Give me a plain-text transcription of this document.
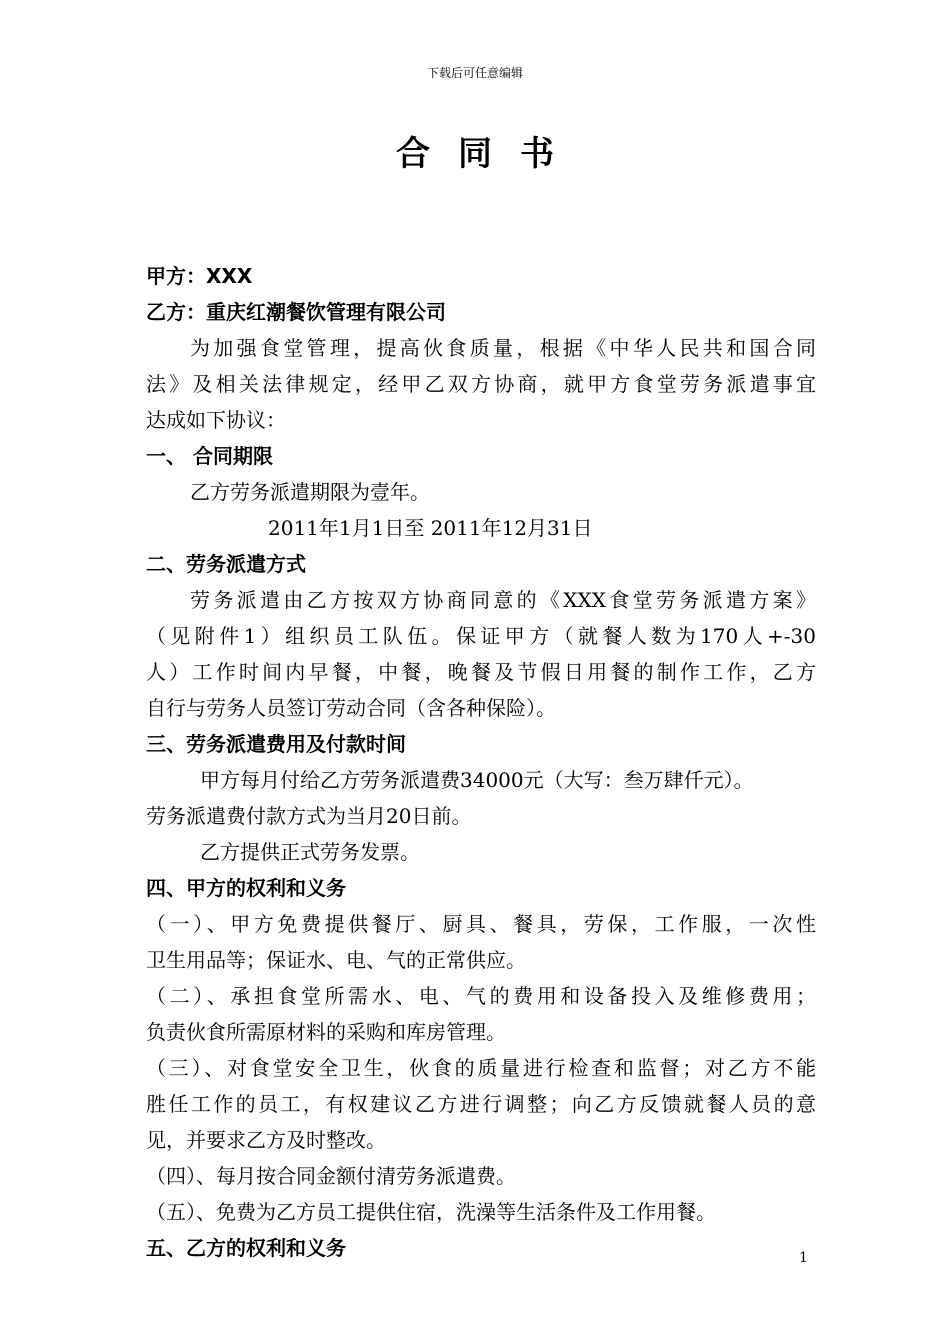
下载后可任意编辑
合同书
甲方：XXX
乙方：重庆红潮餐饮管理有限公司
为加强食堂管理，提高伙食质量，根据《中华人民共和国合同
法》及相关法律规定，经甲乙双方协商，就甲方食堂劳务派遣事宜
达成如下协议：
一、 合同期限
乙方劳务派遣期限为壹年。
2011年1月1日至 2011年12月31日
二、劳务派遣方式
劳务派遣由乙方按双方协商同意的《XXX食堂劳务派遣方案》
（见附件1）组织员工队伍。保证甲方（就餐人数为170人+-30
人）工作时间内早餐，中餐，晚餐及节假日用餐的制作工作，乙方
自行与劳务人员签订劳动合同（含各种保险）。
三、劳务派遣费用及付款时间
甲方每月付给乙方劳务派遣费34000元（大写：叁万肆仟元）。
劳务派遣费付款方式为当月20日前。
乙方提供正式劳务发票。
四、甲方的权利和义务
（一）、甲方免费提供餐厅、厨具、餐具，劳保，工作服，一次性
卫生用品等；保证水、电、气的正常供应。
（二）、承担食堂所需水、电、气的费用和设备投入及维修费用；
负责伙食所需原材料的采购和库房管理。
（三）、对食堂安全卫生，伙食的质量进行检查和监督；对乙方不能
胜任工作的员工，有权建议乙方进行调整；向乙方反馈就餐人员的意
见，并要求乙方及时整改。
（四）、每月按合同金额付清劳务派遣费。
（五）、免费为乙方员工提供住宿，洗澡等生活条件及工作用餐。
五、乙方的权利和义务	1
